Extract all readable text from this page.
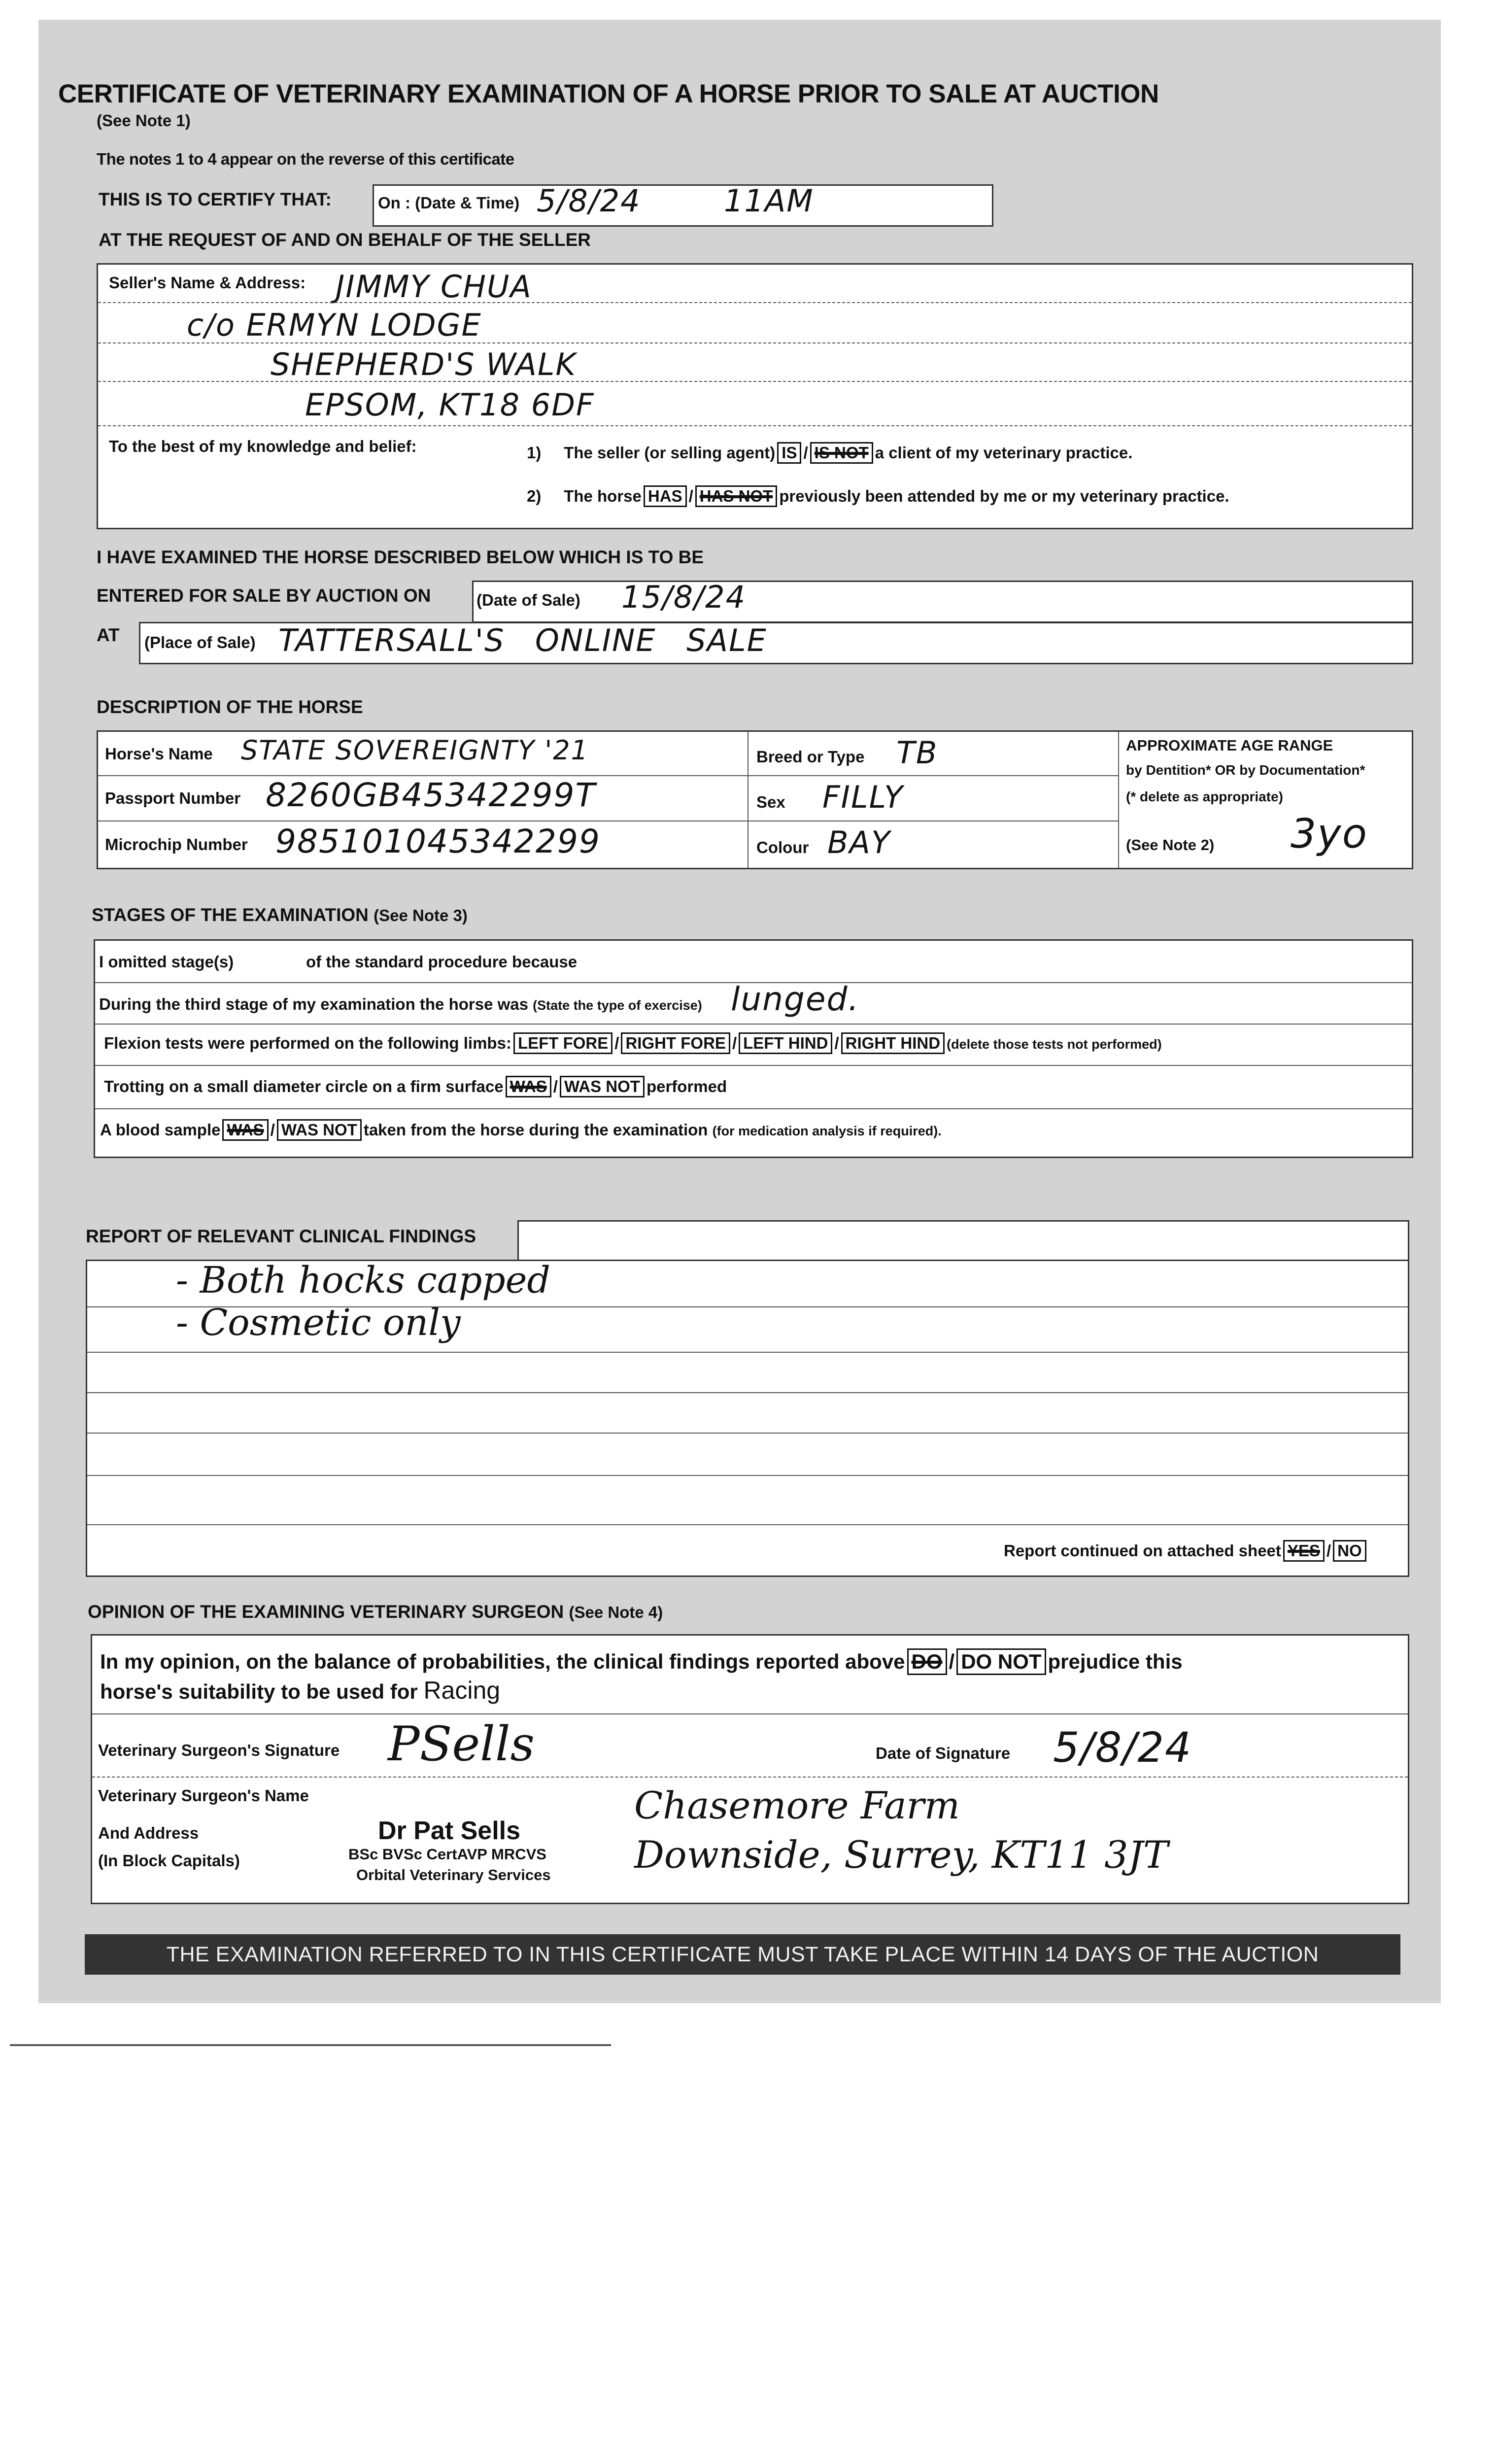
CERTIFICATE OF VETERINARY EXAMINATION OF A HORSE PRIOR TO SALE AT AUCTION
(See Note 1)
The notes 1 to 4 appear on the reverse of this certificate
THIS IS TO CERTIFY THAT:	On : (Date & Time) 5/8/24	11AM
AT THE REQUEST OF AND ON BEHALF OF THE SELLER
Seller's Name & Address: JIMMY CHUA
c/o ERMYN LODGE
SHEPHERD'S WALK
EPSOM, KT18 6DF
To the best of my knowledge and belief:	1) The seller (or selling agent) IS / IS NOT a client of my veterinary practice.
2) The horse HAS / HAS NOT previously been attended by me or my veterinary practice.
I HAVE EXAMINED THE HORSE DESCRIBED BELOW WHICH IS TO BE
ENTERED FOR SALE BY AUCTION ON	(Date of Sale) 15/8/24
AT (Place of Sale) TATTERSALL'S ONLINE SALE
DESCRIPTION OF THE HORSE
Horse's Name STATE SOVEREIGNTY '21
Passport Number 8260GB45342299T
Microchip Number 985101045342299
Breed or Type TB
Sex FILLY
Colour BAY
APPROXIMATE AGE RANGE
by Dentition* OR by Documentation*
(* delete as appropriate)
(See Note 2) 3yo
STAGES OF THE EXAMINATION (See Note 3)
I omitted stage(s)	of the standard procedure because
During the third stage of my examination the horse was (State the type of exercise) lunged.
Flexion tests were performed on the following limbs: LEFT FORE / RIGHT FORE / LEFT HIND / RIGHT HIND (delete those tests not performed)
Trotting on a small diameter circle on a firm surface WAS / WAS NOT performed
A blood sample WAS / WAS NOT taken from the horse during the examination (for medication analysis if required).
REPORT OF RELEVANT CLINICAL FINDINGS
- Both hocks capped
- Cosmetic only
Report continued on attached sheet YES / NO
OPINION OF THE EXAMINING VETERINARY SURGEON (See Note 4)
In my opinion, on the balance of probabilities, the clinical findings reported above DO / DO NOT prejudice this
horse's suitability to be used for Racing
Veterinary Surgeon's Signature PSells	Date of Signature 5/8/24
Veterinary Surgeon's Name
And Address
(In Block Capitals)
Dr Pat Sells
BSc BVSc CertAVP MRCVS
Orbital Veterinary Services
Chasemore Farm
Downside, Surrey, KT11 3JT
THE EXAMINATION REFERRED TO IN THIS CERTIFICATE MUST TAKE PLACE WITHIN 14 DAYS OF THE AUCTION
